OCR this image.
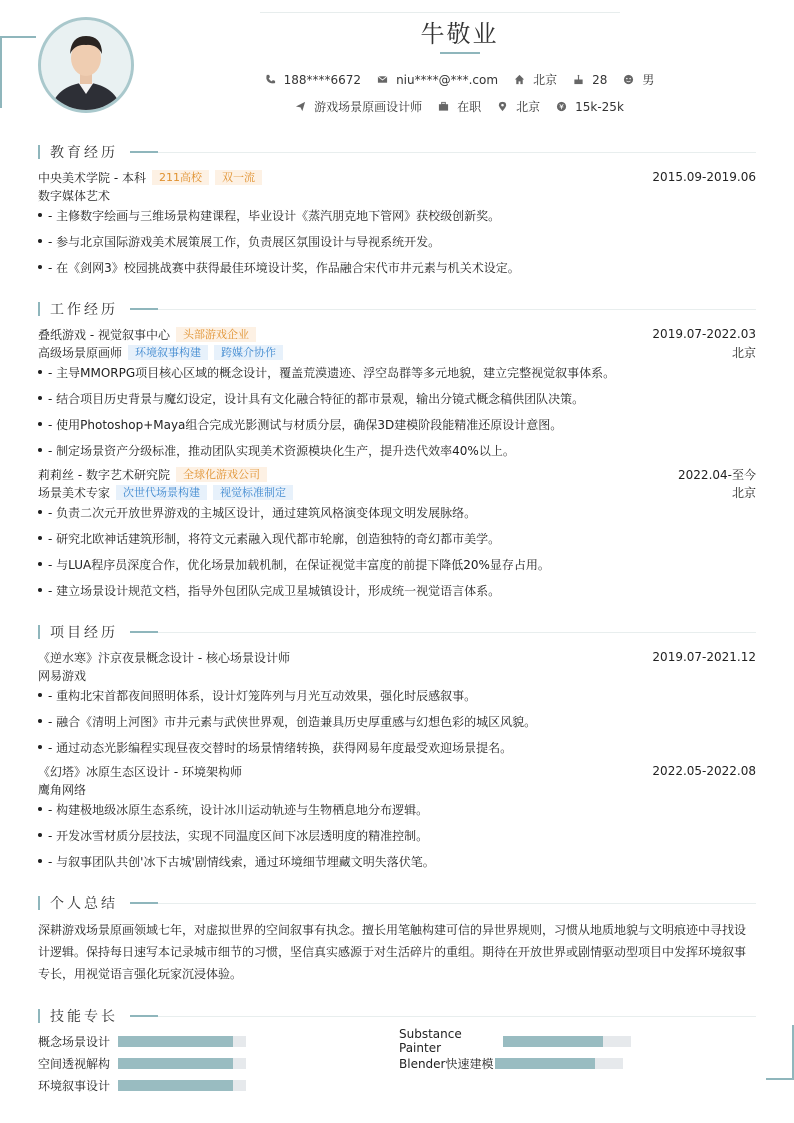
牛敬业
188****6672	niu****@***.com	北京	28	男
游戏场景原画设计师	在职	北京	15k-25k
教育经历
中央美术学院 - 本科	211高校	双一流	2015.09-2019.06
数字媒体艺术
- 主修数字绘画与三维场景构建课程，毕业设计《蒸汽朋克地下管网》获校级创新奖。
- 参与北京国际游戏美术展策展工作，负责展区氛围设计与导视系统开发。
- 在《剑网3》校园挑战赛中获得最佳环境设计奖，作品融合宋代市井元素与机关术设定。
工作经历
叠纸游戏 - 视觉叙事中心	头部游戏企业	2019.07-2022.03
高级场景原画师	环境叙事构建	跨媒介协作	北京
- 主导MMORPG项目核心区域的概念设计，覆盖荒漠遗迹、浮空岛群等多元地貌，建立完整视觉叙事体系。
- 结合项目历史背景与魔幻设定，设计具有文化融合特征的都市景观，输出分镜式概念稿供团队决策。
- 使用Photoshop+Maya组合完成光影测试与材质分层，确保3D建模阶段能精准还原设计意图。
- 制定场景资产分级标准，推动团队实现美术资源模块化生产，提升迭代效率40%以上。
莉莉丝 - 数字艺术研究院	全球化游戏公司	2022.04-至今
场景美术专家	次世代场景构建	视觉标准制定	北京
- 负责二次元开放世界游戏的主城区设计，通过建筑风格演变体现文明发展脉络。
- 研究北欧神话建筑形制，将符文元素融入现代都市轮廓，创造独特的奇幻都市美学。
- 与LUA程序员深度合作，优化场景加载机制，在保证视觉丰富度的前提下降低20%显存占用。
- 建立场景设计规范文档，指导外包团队完成卫星城镇设计，形成统一视觉语言体系。
项目经历
《逆水寒》汴京夜景概念设计 - 核心场景设计师	2019.07-2021.12
网易游戏
- 重构北宋首都夜间照明体系，设计灯笼阵列与月光互动效果，强化时辰感叙事。
- 融合《清明上河图》市井元素与武侠世界观，创造兼具历史厚重感与幻想色彩的城区风貌。
- 通过动态光影编程实现昼夜交替时的场景情绪转换，获得网易年度最受欢迎场景提名。
《幻塔》冰原生态区设计 - 环境架构师	2022.05-2022.08
鹰角网络
- 构建极地级冰原生态系统，设计冰川运动轨迹与生物栖息地分布逻辑。
- 开发冰雪材质分层技法，实现不同温度区间下冰层透明度的精准控制。
- 与叙事团队共创'冰下古城'剧情线索，通过环境细节埋藏文明失落伏笔。
个人总结
深耕游戏场景原画领域七年，对虚拟世界的空间叙事有执念。擅长用笔触构建可信的异世界规则，习惯从地质地貌与文明痕迹中寻找设计逻辑。保持每日速写本记录城市细节的习惯，坚信真实感源于对生活碎片的重组。期待在开放世界或剧情驱动型项目中发挥环境叙事专长，用视觉语言强化玩家沉浸体验。
技能专长
概念场景设计
空间透视解构
环境叙事设计
Substance Painter
Blender快速建模
